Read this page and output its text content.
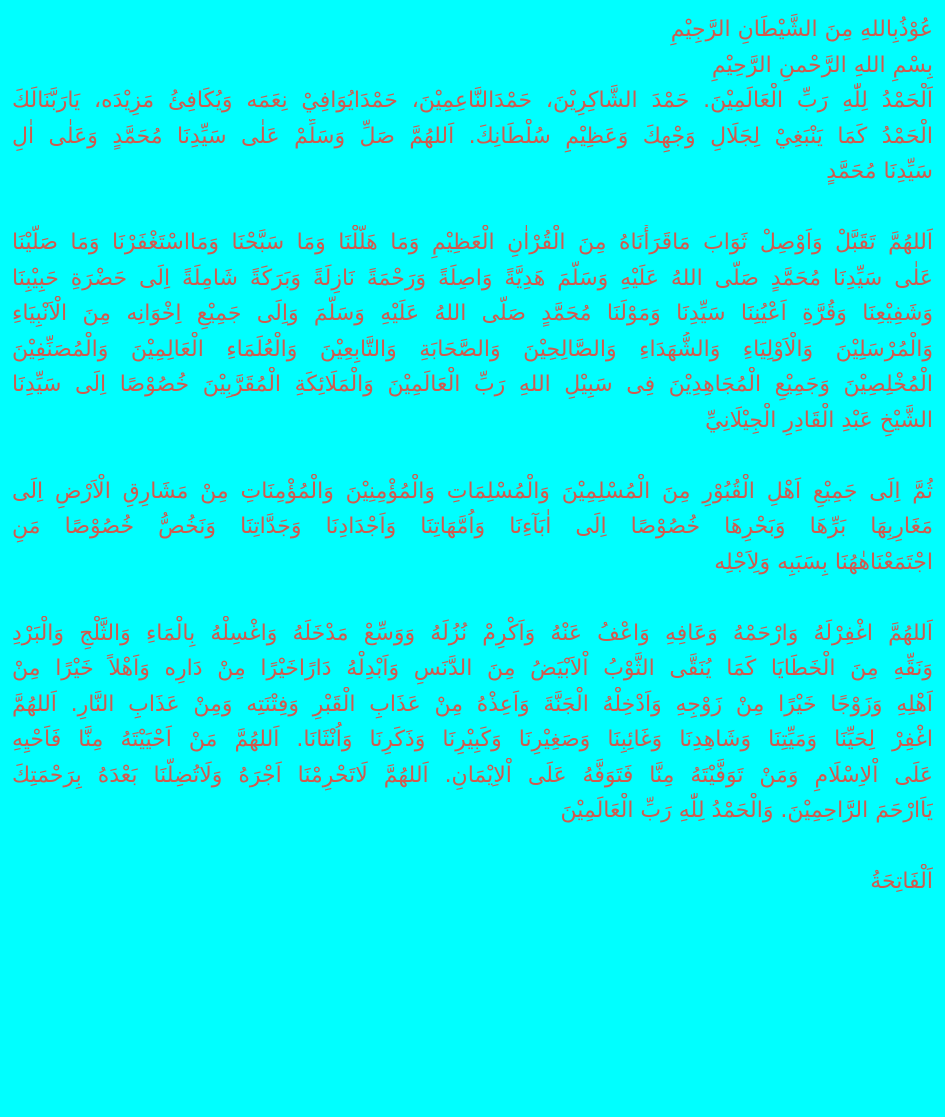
عُوْذُبِاللهِ مِنَ الشَّيْطَانِ الرَّجِيْمِ
بِسْمِ اللهِ الرَّحْمنِ الرَّحِيْمِ
اَلْحَمْدُ لِلّٰهِ رَبِّ الْعَالَمِيْنَ. حَمْدَ الشَّاكِرِيْنَ، حَمْدَالنَّاعِمِيْنَ، حَمْدَايُوَافِيْ نِعَمَه وَيُكَافِئُ مَزِيْدَه، يَارَبَّنَالَكَ
الْحَمْدُ كَمَا يَنْبَغِيْ لِجَلَالِ وَجْهِكَ وَعَظِيْمِ سُلْطَانِكَ. اَللهُمَّ صَلِّ وَسَلِّمْ عَلٰى سَيِّدِنَا مُحَمَّدٍ وَعَلٰى اٰلِ
سَيِّدِنَا مُحَمَّدٍ
اَللهُمَّ تَقَبَّلْ وَاَوْصِلْ ثَوَابَ مَاقَرَأْنَاهُ مِنَ الْقُرْاٰنِ الْعَظِيْمِ وَمَا هَلَّلْنَا وَمَا سَبَّحْنَا وَمَااسْتَغْفَرْنَا وَمَا صَلَّيْنَا
عَلٰى سَيِّدِنَا مُحَمَّدٍ صَلَّى اللهُ عَلَيْهِ وَسَلَّمَ هَدِيَّةً وَاصِلَةً وَرَحْمَةً نَازِلَةً وَبَرَكَةً شَامِلَةً اِلَى حَضْرَةِ حَبِيْبِنَا
وَشَفِيْعِنَا وَقُرَّةِ اَعْيُنِنَا سَيِّدِنَا وَمَوْلَنَا مُحَمَّدٍ صَلَّى اللهُ عَلَيْهِ وَسَلَّمَ وَاِلَى جَمِيْعِ اِخْوَانِه مِنَ الْاَنْبِيَاءِ
وَالْمُرْسَلِيْنَ وَالْاَوْلِيَاءِ وَالشُّهَدَاءِ وَالصَّالِحِيْنَ وَالصَّحَابَةِ وَالتَّابِعِيْنَ وَالْعُلَمَاءِ الْعَالِمِيْنَ وَالْمُصَنِّفِيْنَ
الْمُخْلِصِيْنَ وَجَمِيْعِ الْمُجَاهِدِيْنَ فِى سَبِيْلِ اللهِ رَبِّ الْعَالَمِيْنَ وَالْمَلَائِكَةِ الْمُقَرَّبِيْنَ خُصُوْصًا اِلَى سَيِّدِنَا
الشَّيْخِ عَبْدِ الْقَادِرِ الْجِيْلَانِيِّ
ثُمَّ اِلَى جَمِيْعِ اَهْلِ الْقُبُوْرِ مِنَ الْمُسْلِمِيْنَ وَالْمُسْلِمَاتِ وَالْمُؤْمِنِيْنَ وَالْمُؤْمِنَاتِ مِنْ مَشَارِقِ الْاَرْضِ اِلَى
مَغَارِبِهَا بَرِّهَا وَبَحْرِهَا خُصُوْصًا اِلَى اٰبَآءِنَا وَاُمَّهَاتِنَا وَاَجْدَادِنَا وَجَدَّاتِنَا وَنَخُصُّ خُصُوْصًا مَنِ
اجْتَمَعْنَاهٰهُنَا بِسَبَبِه وَلِاَجْلِه
اَللهُمَّ اغْفِرْلَهُ وَارْحَمْهُ وَعَافِهِ وَاعْفُ عَنْهُ وَاَكْرِمْ نُزُلَهُ وَوَسِّعْ مَدْخَلَهُ وَاغْسِلْهُ بِالْمَاءِ وَالثَّلْجِ وَالْبَرْدِ
وَنَقِّهِ مِنَ الْخَطَايَا كَمَا يُنَقَّى الثَّوْبُ اْلاَبْيَضُ مِنَ الدَّنَسِ وَاَبْدِلْهُ دَارًاخَيْرًا مِنْ دَارِه وَاَهْلاً خَيْرًا مِنْ
اَهْلِهِ وَزَوْجًا خَيْرًا مِنْ زَوْجِهِ وَاَدْخِلْهُ الْجَنَّةَ وَاَعِذْهُ مِنْ عَذَابِ الْقَبْرِ وَفِتْنَتِه وَمِنْ عَذَابِ النَّارِ. اَللهُمَّ
اغْفِرْ لِحَيِّنَا وَمَيِّتِنَا وَشَاهِدِنَا وَغَائِبِنَا وَصَغِيْرِنَا وَكَبِيْرِنَا وَذَكَرِنَا وَاُنْثَانَا. اَللهُمَّ مَنْ اَحْيَيْتَهُ مِنَّا فَاَحْيِهِ
عَلَى اْلاِسْلَامِ وَمَنْ تَوَفَّيْتَهُ مِنَّا فَتَوَفَّهُ عَلَى اْلاِيْمَانِ. اَللهُمَّ لَاتَحْرِمْنَا اَجْرَهُ وَلَاتُضِلَّنَا بَعْدَهُ بِرَحْمَتِكَ
يَاَارْحَمَ الرَّاحِمِيْنَ. وَالْحَمْدُ لِلّٰهِ رَبِّ الْعَالَمِيْنَ
اَلْفَاتِحَةُ
